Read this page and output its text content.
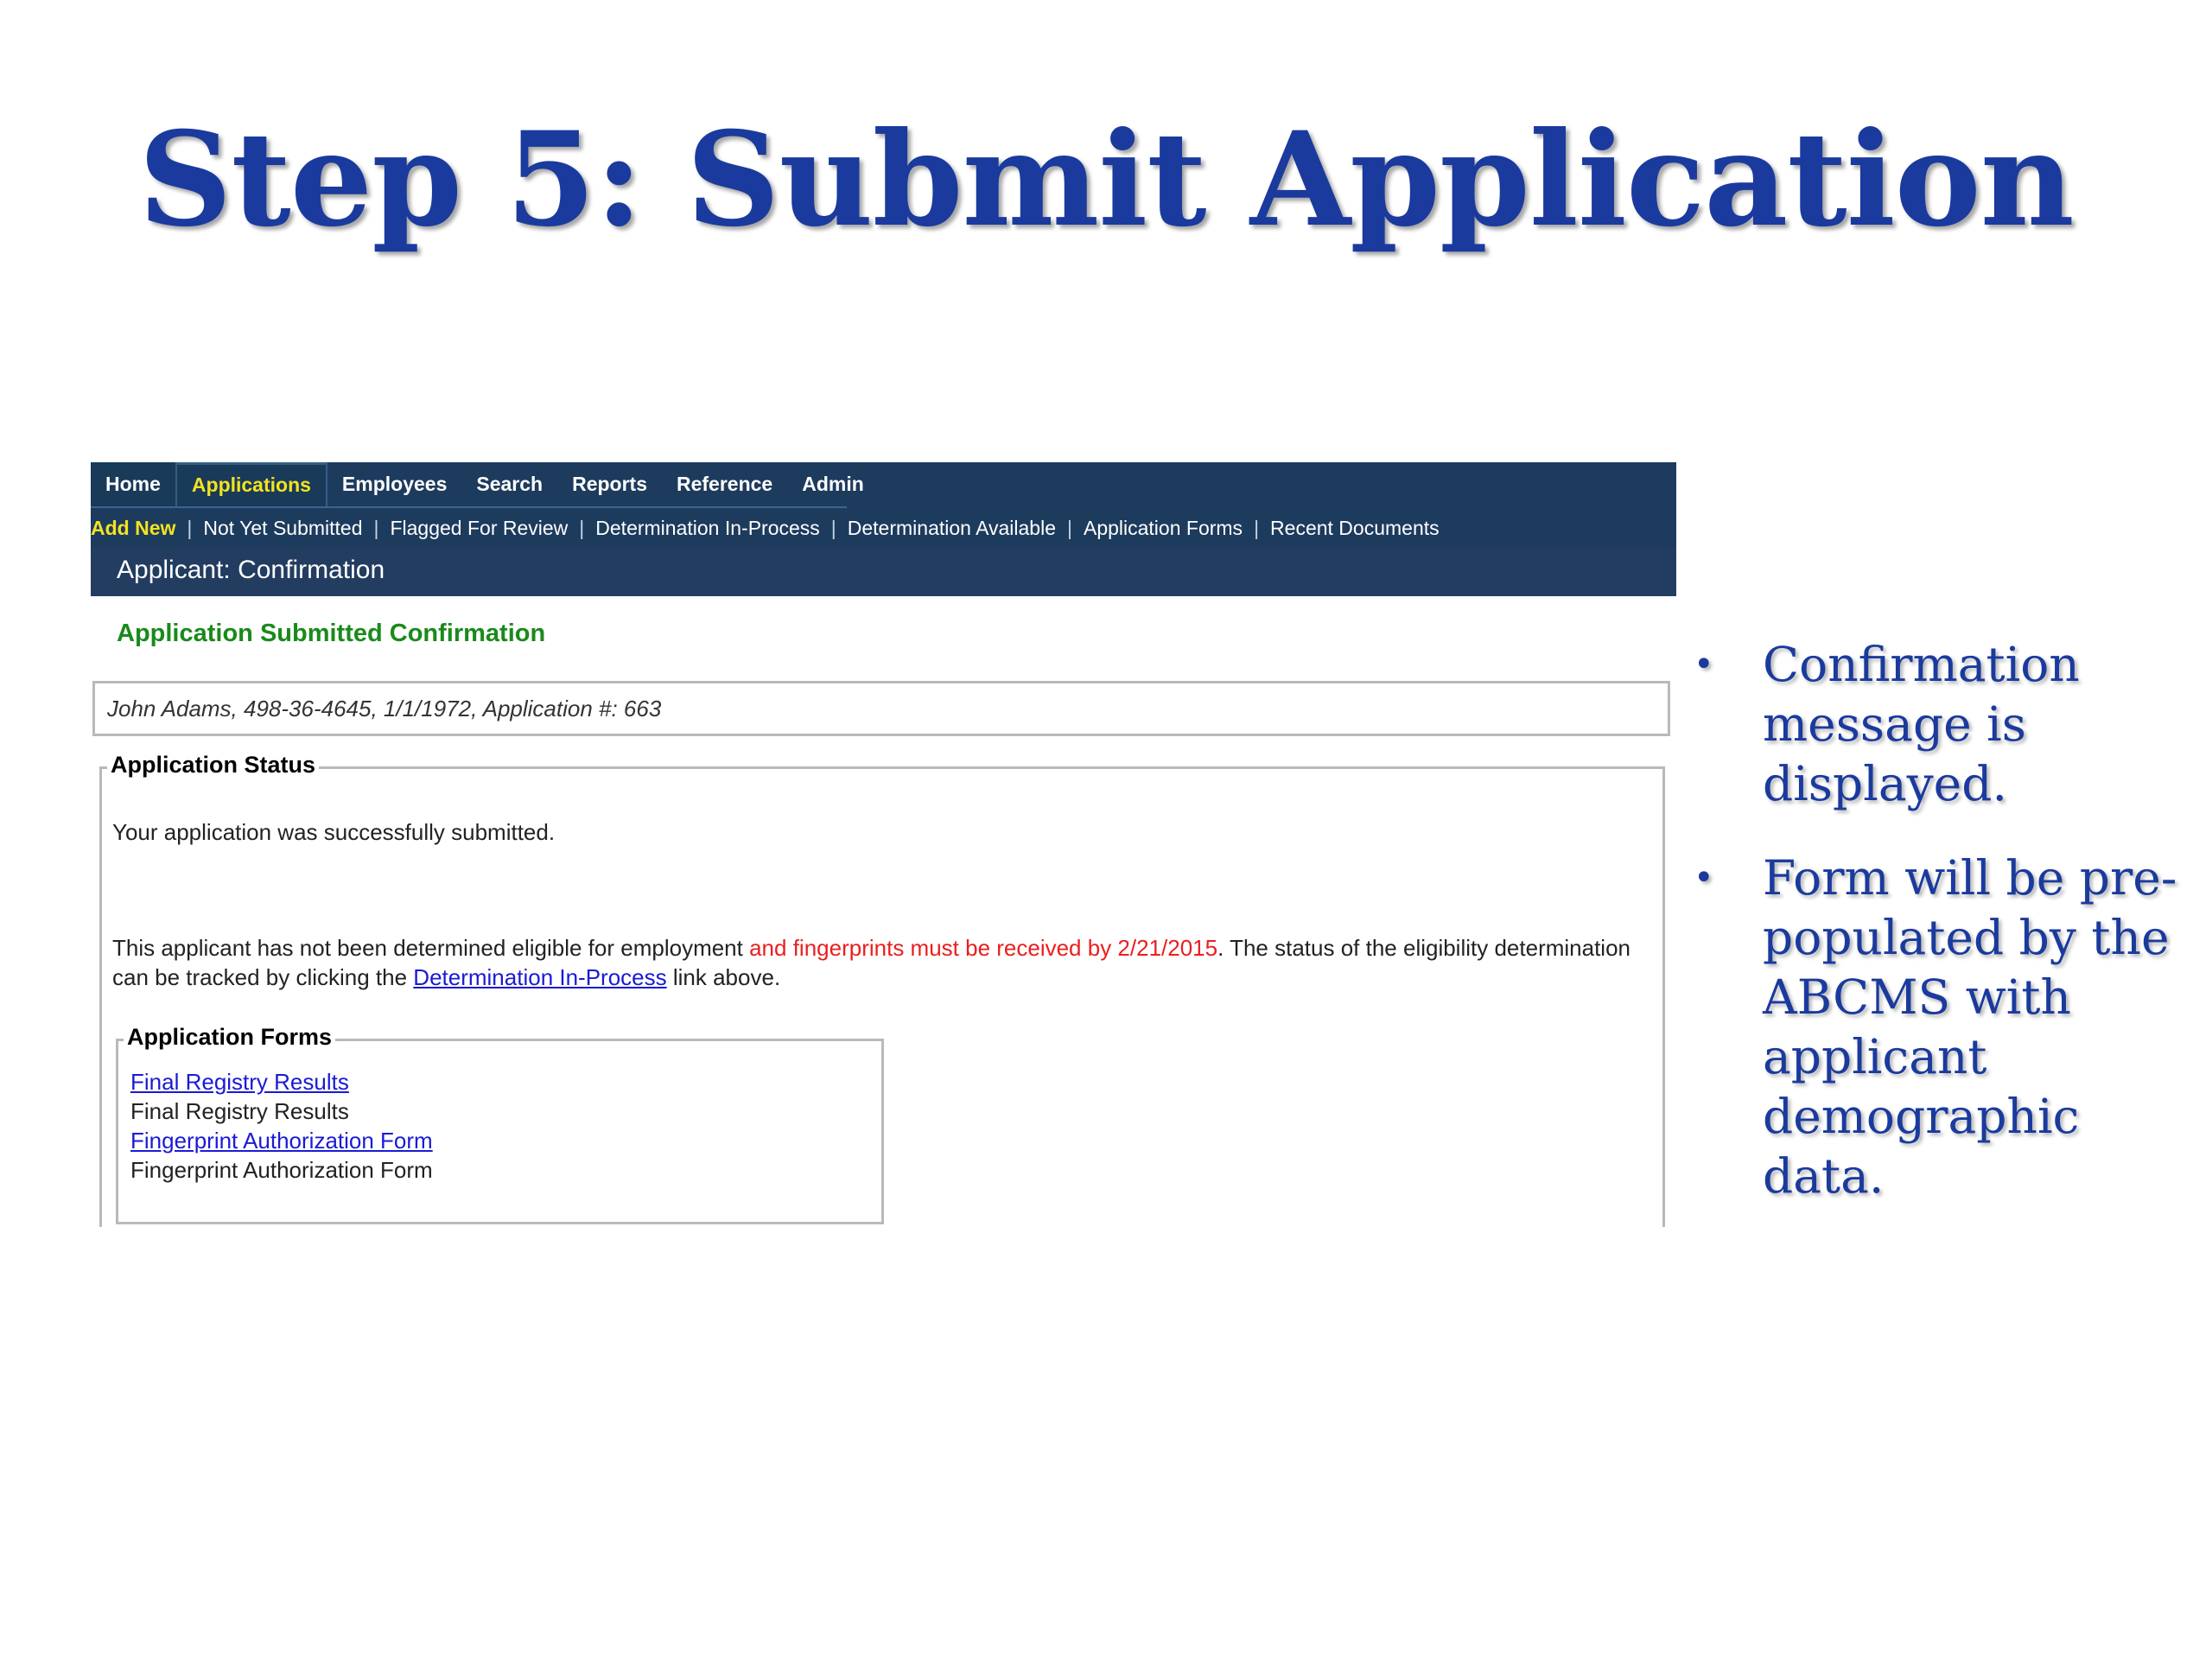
Step 5: Submit Application
Home	Applications	Employees	Search	Reports	Reference	Admin
Add New | Not Yet Submitted | Flagged For Review | Determination In-Process | Determination Available | Application Forms | Recent Documents
Applicant: Confirmation
Application Submitted Confirmation
John Adams, 498-36-4645, 1/1/1972, Application #: 663
Application Status
Your application was successfully submitted.
This applicant has not been determined eligible for employment and fingerprints must be received by 2/21/2015. The status of the eligibility determination can be tracked by clicking the Determination In-Process link above.
Application Forms
Final Registry Results
Final Registry Results
Fingerprint Authorization Form
Fingerprint Authorization Form
• Confirmation message is displayed.
• Form will be pre-populated by the ABCMS with applicant demographic data.
